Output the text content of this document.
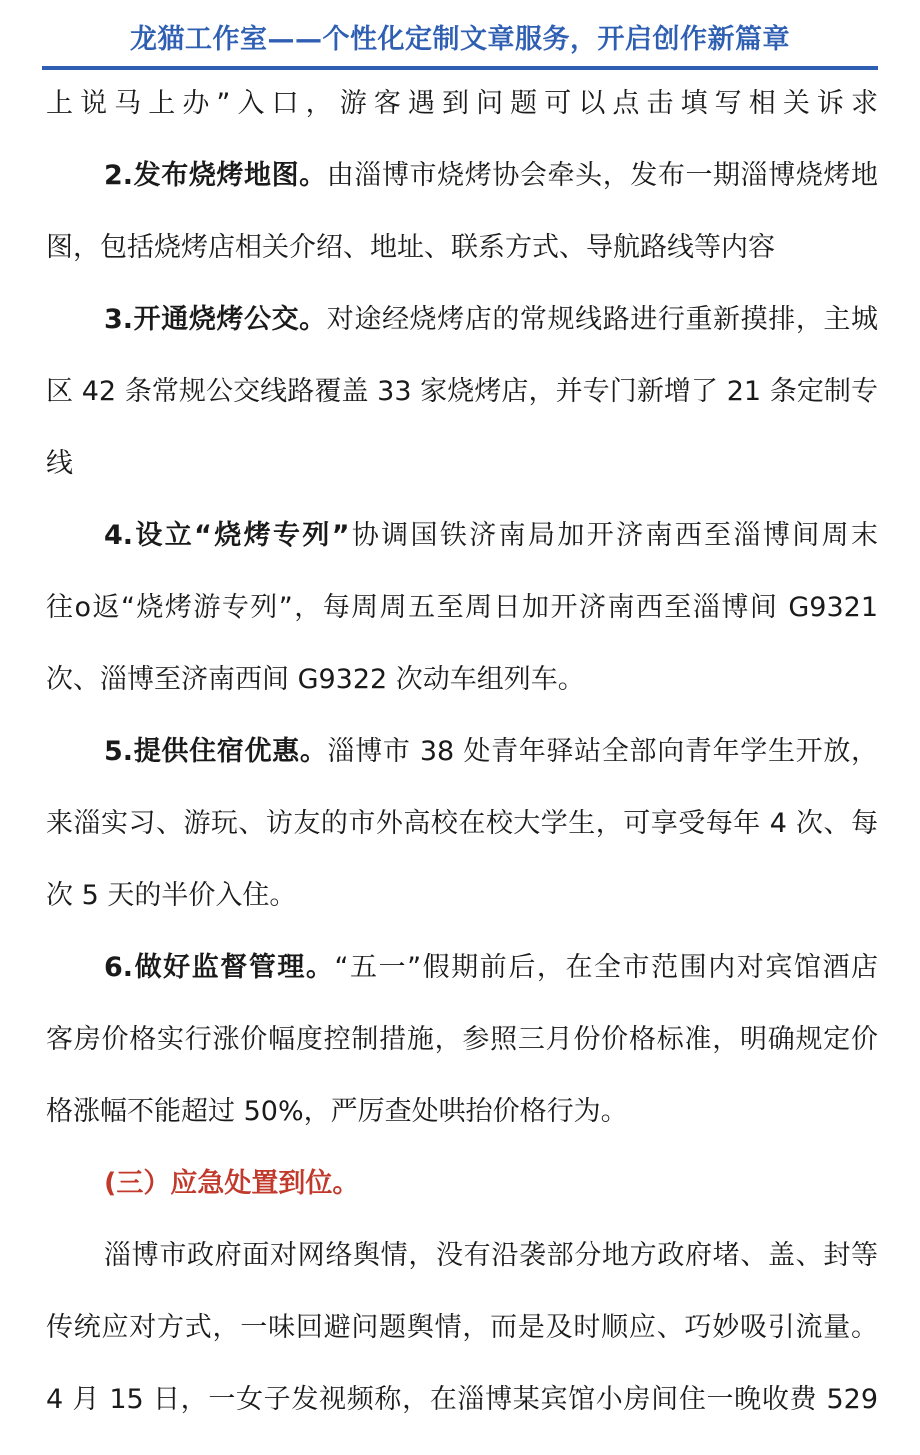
龙猫工作室——个性化定制文章服务，开启创作新篇章
上说马上办”入口，游客遇到问题可以点击填写相关诉求
2.发布烧烤地图。由淄博市烧烤协会牵头，发布一期淄博烧烤地
图，包括烧烤店相关介绍、地址、联系方式、导航路线等内容
3.开通烧烤公交。对途经烧烤店的常规线路进行重新摸排，主城
区 42 条常规公交线路覆盖 33 家烧烤店，并专门新增了 21 条定制专
线
4.设立“烧烤专列”协调国铁济南局加开济南西至淄博间周末
往ο返“烧烤游专列”，每周周五至周日加开济南西至淄博间 G9321
次、淄博至济南西间 G9322 次动车组列车。
5.提供住宿优惠。淄博市 38 处青年驿站全部向青年学生开放，
来淄实习、游玩、访友的市外高校在校大学生，可享受每年 4 次、每
次 5 天的半价入住。
6.做好监督管理。“五一”假期前后，在全市范围内对宾馆酒店
客房价格实行涨价幅度控制措施，参照三月份价格标准，明确规定价
格涨幅不能超过 50%，严厉查处哄抬价格行为。
(三）应急处置到位。
淄博市政府面对网络舆情，没有沿袭部分地方政府堵、盖、封等
传统应对方式，一味回避问题舆情，而是及时顺应、巧妙吸引流量。
4 月 15 日，一女子发视频称，在淄博某宾馆小房间住一晚收费 529
